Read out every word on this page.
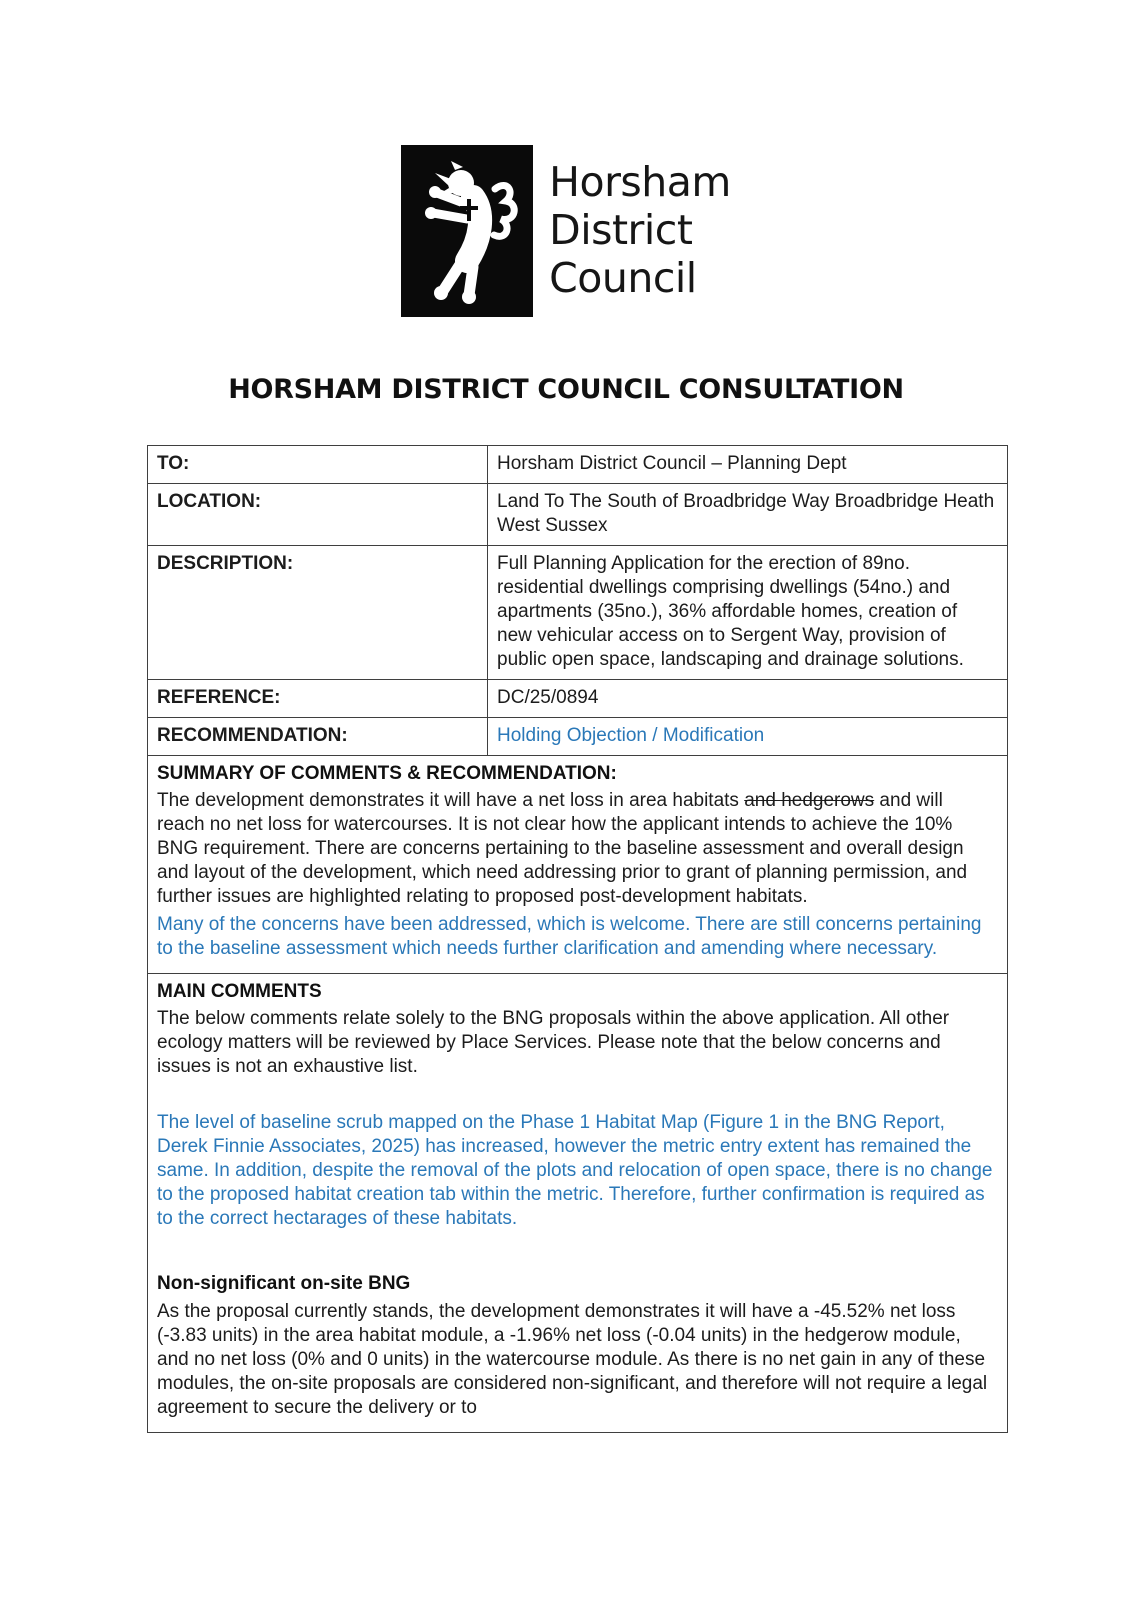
Horsham
District
Council
HORSHAM DISTRICT COUNCIL CONSULTATION
TO:	Horsham District Council – Planning Dept
LOCATION:	Land To The South of Broadbridge Way Broadbridge Heath West Sussex
DESCRIPTION:	Full Planning Application for the erection of 89no. residential dwellings comprising dwellings (54no.) and apartments (35no.), 36% affordable homes, creation of new vehicular access on to Sergent Way, provision of public open space, landscaping and drainage solutions.
REFERENCE:	DC/25/0894
RECOMMENDATION:	Holding Objection / Modification
SUMMARY OF COMMENTS & RECOMMENDATION:

The development demonstrates it will have a net loss in area habitats and hedgerows and will reach no net loss for watercourses. It is not clear how the applicant intends to achieve the 10% BNG requirement. There are concerns pertaining to the baseline assessment and overall design and layout of the development, which need addressing prior to grant of planning permission, and further issues are highlighted relating to proposed post-development habitats.

Many of the concerns have been addressed, which is welcome. There are still concerns pertaining to the baseline assessment which needs further clarification and amending where necessary.

MAIN COMMENTS

The below comments relate solely to the BNG proposals within the above application. All other ecology matters will be reviewed by Place Services. Please note that the below concerns and issues is not an exhaustive list.

The level of baseline scrub mapped on the Phase 1 Habitat Map (Figure 1 in the BNG Report, Derek Finnie Associates, 2025) has increased, however the metric entry extent has remained the same. In addition, despite the removal of the plots and relocation of open space, there is no change to the proposed habitat creation tab within the metric. Therefore, further confirmation is required as to the correct hectarages of these habitats.

Non-significant on-site BNG

As the proposal currently stands, the development demonstrates it will have a -45.52% net loss (-3.83 units) in the area habitat module, a -1.96% net loss (-0.04 units) in the hedgerow module, and no net loss (0% and 0 units) in the watercourse module. As there is no net gain in any of these modules, the on-site proposals are considered non-significant, and therefore will not require a legal agreement to secure the delivery or to
